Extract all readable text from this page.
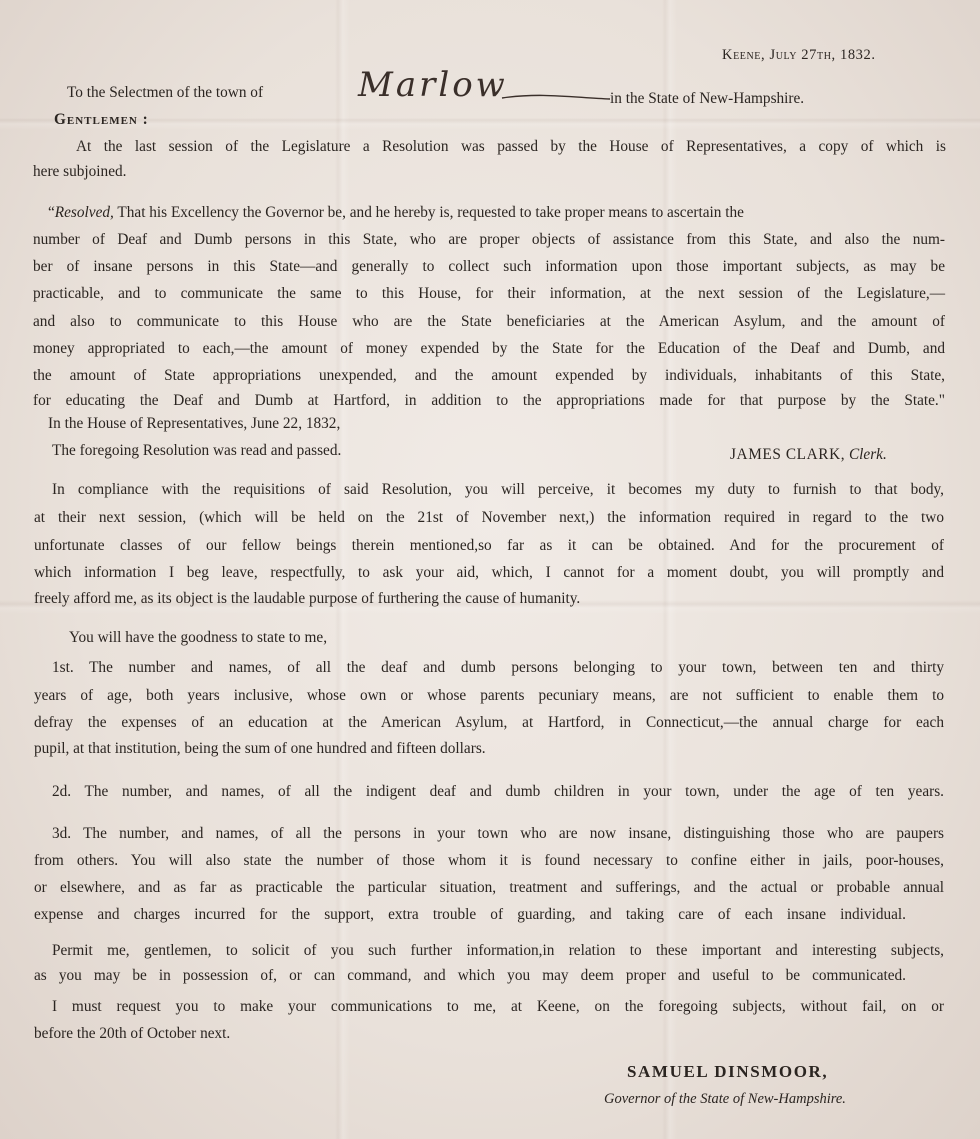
Keene, July 27th, 1832.
To the Selectmen of the town of	Marlow	in the State of New-Hampshire.
Gentlemen :
At the last session of the Legislature a Resolution was passed by the House of Representatives, a copy of which is
here subjoined.
“Resolved, That his Excellency the Governor be, and he hereby is, requested to take proper means to ascertain the
number of Deaf and Dumb persons in this State, who are proper objects of assistance from this State, and also the num-
ber of insane persons in this State—and generally to collect such information upon those important subjects, as may be
practicable, and to communicate the same to this House, for their information, at the next session of the Legislature,—
and also to communicate to this House who are the State beneficiaries at the American Asylum, and the amount of
money appropriated to each,—the amount of money expended by the State for the Education of the Deaf and Dumb, and
the amount of State appropriations unexpended, and the amount expended by individuals, inhabitants of this State,
for educating the Deaf and Dumb at Hartford, in addition to the appropriations made for that purpose by the State."
In the House of Representatives, June 22, 1832,
The foregoing Resolution was read and passed.	JAMES CLARK, Clerk.
In compliance with the requisitions of said Resolution, you will perceive, it becomes my duty to furnish to that body,
at their next session, (which will be held on the 21st of November next,) the information required in regard to the two
unfortunate classes of our fellow beings therein mentioned,so far as it can be obtained. And for the procurement of
which information I beg leave, respectfully, to ask your aid, which, I cannot for a moment doubt, you will promptly and
freely afford me, as its object is the laudable purpose of furthering the cause of humanity.
You will have the goodness to state to me,
1st. The number and names, of all the deaf and dumb persons belonging to your town, between ten and thirty
years of age, both years inclusive, whose own or whose parents pecuniary means, are not sufficient to enable them to
defray the expenses of an education at the American Asylum, at Hartford, in Connecticut,—the annual charge for each
pupil, at that institution, being the sum of one hundred and fifteen dollars.
2d. The number, and names, of all the indigent deaf and dumb children in your town, under the age of ten years.
3d. The number, and names, of all the persons in your town who are now insane, distinguishing those who are paupers
from others. You will also state the number of those whom it is found necessary to confine either in jails, poor-houses,
or elsewhere, and as far as practicable the particular situation, treatment and sufferings, and the actual or probable annual
expense and charges incurred for the support, extra trouble of guarding, and taking care of each insane individual.
Permit me, gentlemen, to solicit of you such further information,in relation to these important and interesting subjects,
as you may be in possession of, or can command, and which you may deem proper and useful to be communicated.
I must request you to make your communications to me, at Keene, on the foregoing subjects, without fail, on or
before the 20th of October next.
SAMUEL DINSMOOR,
Governor of the State of New-Hampshire.
